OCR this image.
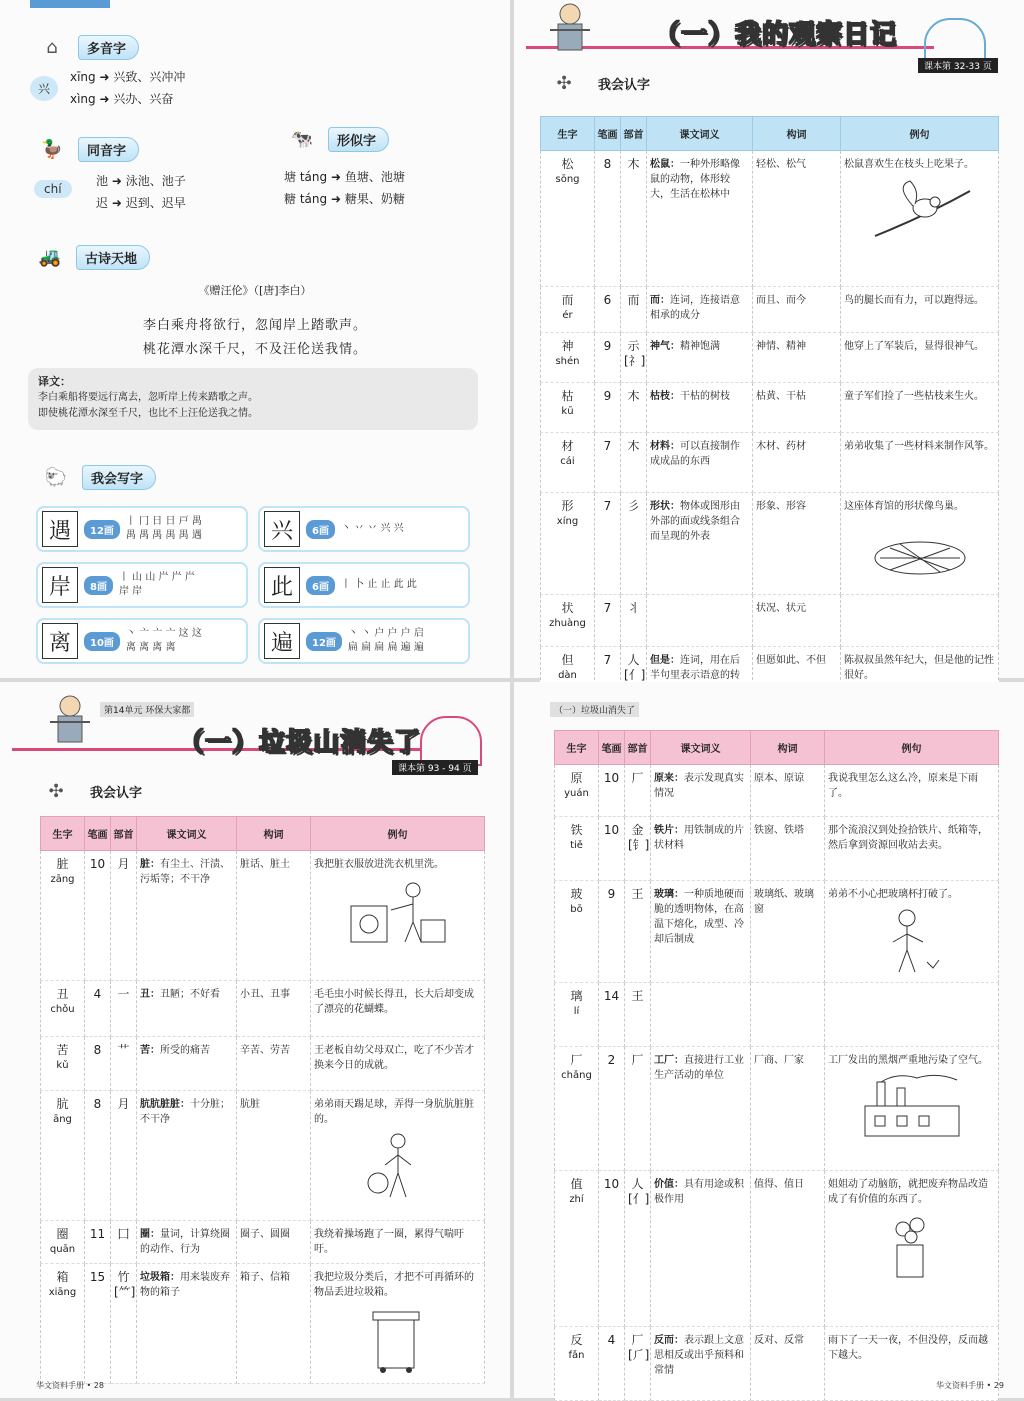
⌂	多音字
兴
xīng ➜ 兴致、兴冲冲
xìng ➜ 兴办、兴奋
🦆	同音字
chí
池 ➜ 泳池、池子
迟 ➜ 迟到、迟早
🐄	形似字
塘 táng ➜ 鱼塘、池塘
糖 táng ➜ 糖果、奶糖
🚜	古诗天地
《赠汪伦》（[唐]李白）
李白乘舟将欲行，忽闻岸上踏歌声。
桃花潭水深千尺，不及汪伦送我情。
译文：
李白乘船将要远行离去，忽听岸上传来踏歌之声。
即使桃花潭水深至千尺，也比不上汪伦送我之情。
🐑	我会写字
遇	12画
丨 冂 日 日 戸 禺
禺 禺 禺 禺 禺 遇	兴	6画	丶 丷 丷 兴 兴

岸	8画
丨 山 山 屵 屵 屵
岸 岸	此	6画	丨 卜 止 止 此 此

离	10画
丶 亠 亠 亠 这 这
离 离 离 离	遍	12画
丶 丶 户 户 户 启
扁 扁 扁 扁 遍 遍
（一）我的观察日记
课本第 32-33 页
✣	我会认字
生字	笔画	部首	课文词义	构词	例句
松
sōng	8	木	松鼠：一种外形略像鼠的动物，体形较大，生活在松林中	轻松、松气	松鼠喜欢生在枝头上吃果子。

而
ér	6	而	而：连词，连接语意相承的成分	而且、而今	鸟的腿长而有力，可以跑得远。

神
shén	9	示[礻]	神气：精神饱满	神情、精神	他穿上了军装后，显得很神气。

枯
kū	9	木	枯枝：干枯的树枝	枯黄、干枯	童子军们捡了一些枯枝来生火。

材
cái	7	木	材料：可以直接制作成成品的东西	木材、药材	弟弟收集了一些材料来制作风筝。

形
xíng	7	彡	形状：物体或图形由外部的面或线条组合而呈现的外表	形象、形容	这座体育馆的形状像鸟巢。

状
zhuàng	7	丬		状况、状元	

但
dàn	7	人[亻]	但是：连词，用在后半句里表示语意的转	但愿如此、不但	陈叔叔虽然年纪大，但是他的记性很好。
第14单元 环保大家都
（一）垃圾山消失了
课本第 93 - 94 页
✣	我会认字
生字	笔画	部首	课文词义	构词	例句
脏
zāng	10	月	脏：有尘土、汗渍、污垢等；不干净	脏话、脏土	我把脏衣服放进洗衣机里洗。

丑
chǒu	4	一	丑：丑陋；不好看	小丑、丑事	毛毛虫小时候长得丑，长大后却变成了漂亮的花蝴蝶。

苦
kǔ	8	艹	苦：所受的痛苦	辛苦、劳苦	王老板自幼父母双亡，吃了不少苦才换来今日的成就。

肮
āng	8	月	肮肮脏脏：十分脏；不干净	肮脏	弟弟雨天踢足球，弄得一身肮肮脏脏的。

圈
quān	11	囗	圈：量词，计算绕圈的动作、行为	圈子、圆圈	我绕着操场跑了一圈，累得气喘吁吁。

箱
xiāng	15	竹[⺮]	垃圾箱：用来装废弃物的箱子	箱子、信箱	我把垃圾分类后，才把不可再循环的物品丢进垃圾箱。
华文资料手册 • 28
（一）垃圾山消失了
生字	笔画	部首	课文词义	构词	例句
原
yuán	10	厂	原来：表示发现真实情况	原本、原谅	我说我里怎么这么冷，原来是下雨了。

铁
tiě	10	金[钅]	铁片：用铁制成的片状材料	铁窗、铁塔	那个流浪汉到处捡拾铁片、纸箱等，然后拿到资源回收站去卖。

玻
bō	9	王	玻璃：一种质地硬而脆的透明物体，在高温下熔化，成型、冷却后制成	玻璃纸、玻璃窗	弟弟不小心把玻璃杯打破了。

璃
lí	14	王			

厂
chǎng	2	厂	工厂：直接进行工业生产活动的单位	厂商、厂家	工厂发出的黑烟严重地污染了空气。

值
zhí	10	人[亻]	价值：具有用途或积极作用	值得、值日	姐姐动了动脑筋，就把废弃物品改造成了有价值的东西了。

反
fǎn	4	厂[⺁]	反而：表示跟上文意思相反或出乎预料和常情	反对、反常	雨下了一天一夜，不但没停，反而越下越大。
华文资料手册 • 29
